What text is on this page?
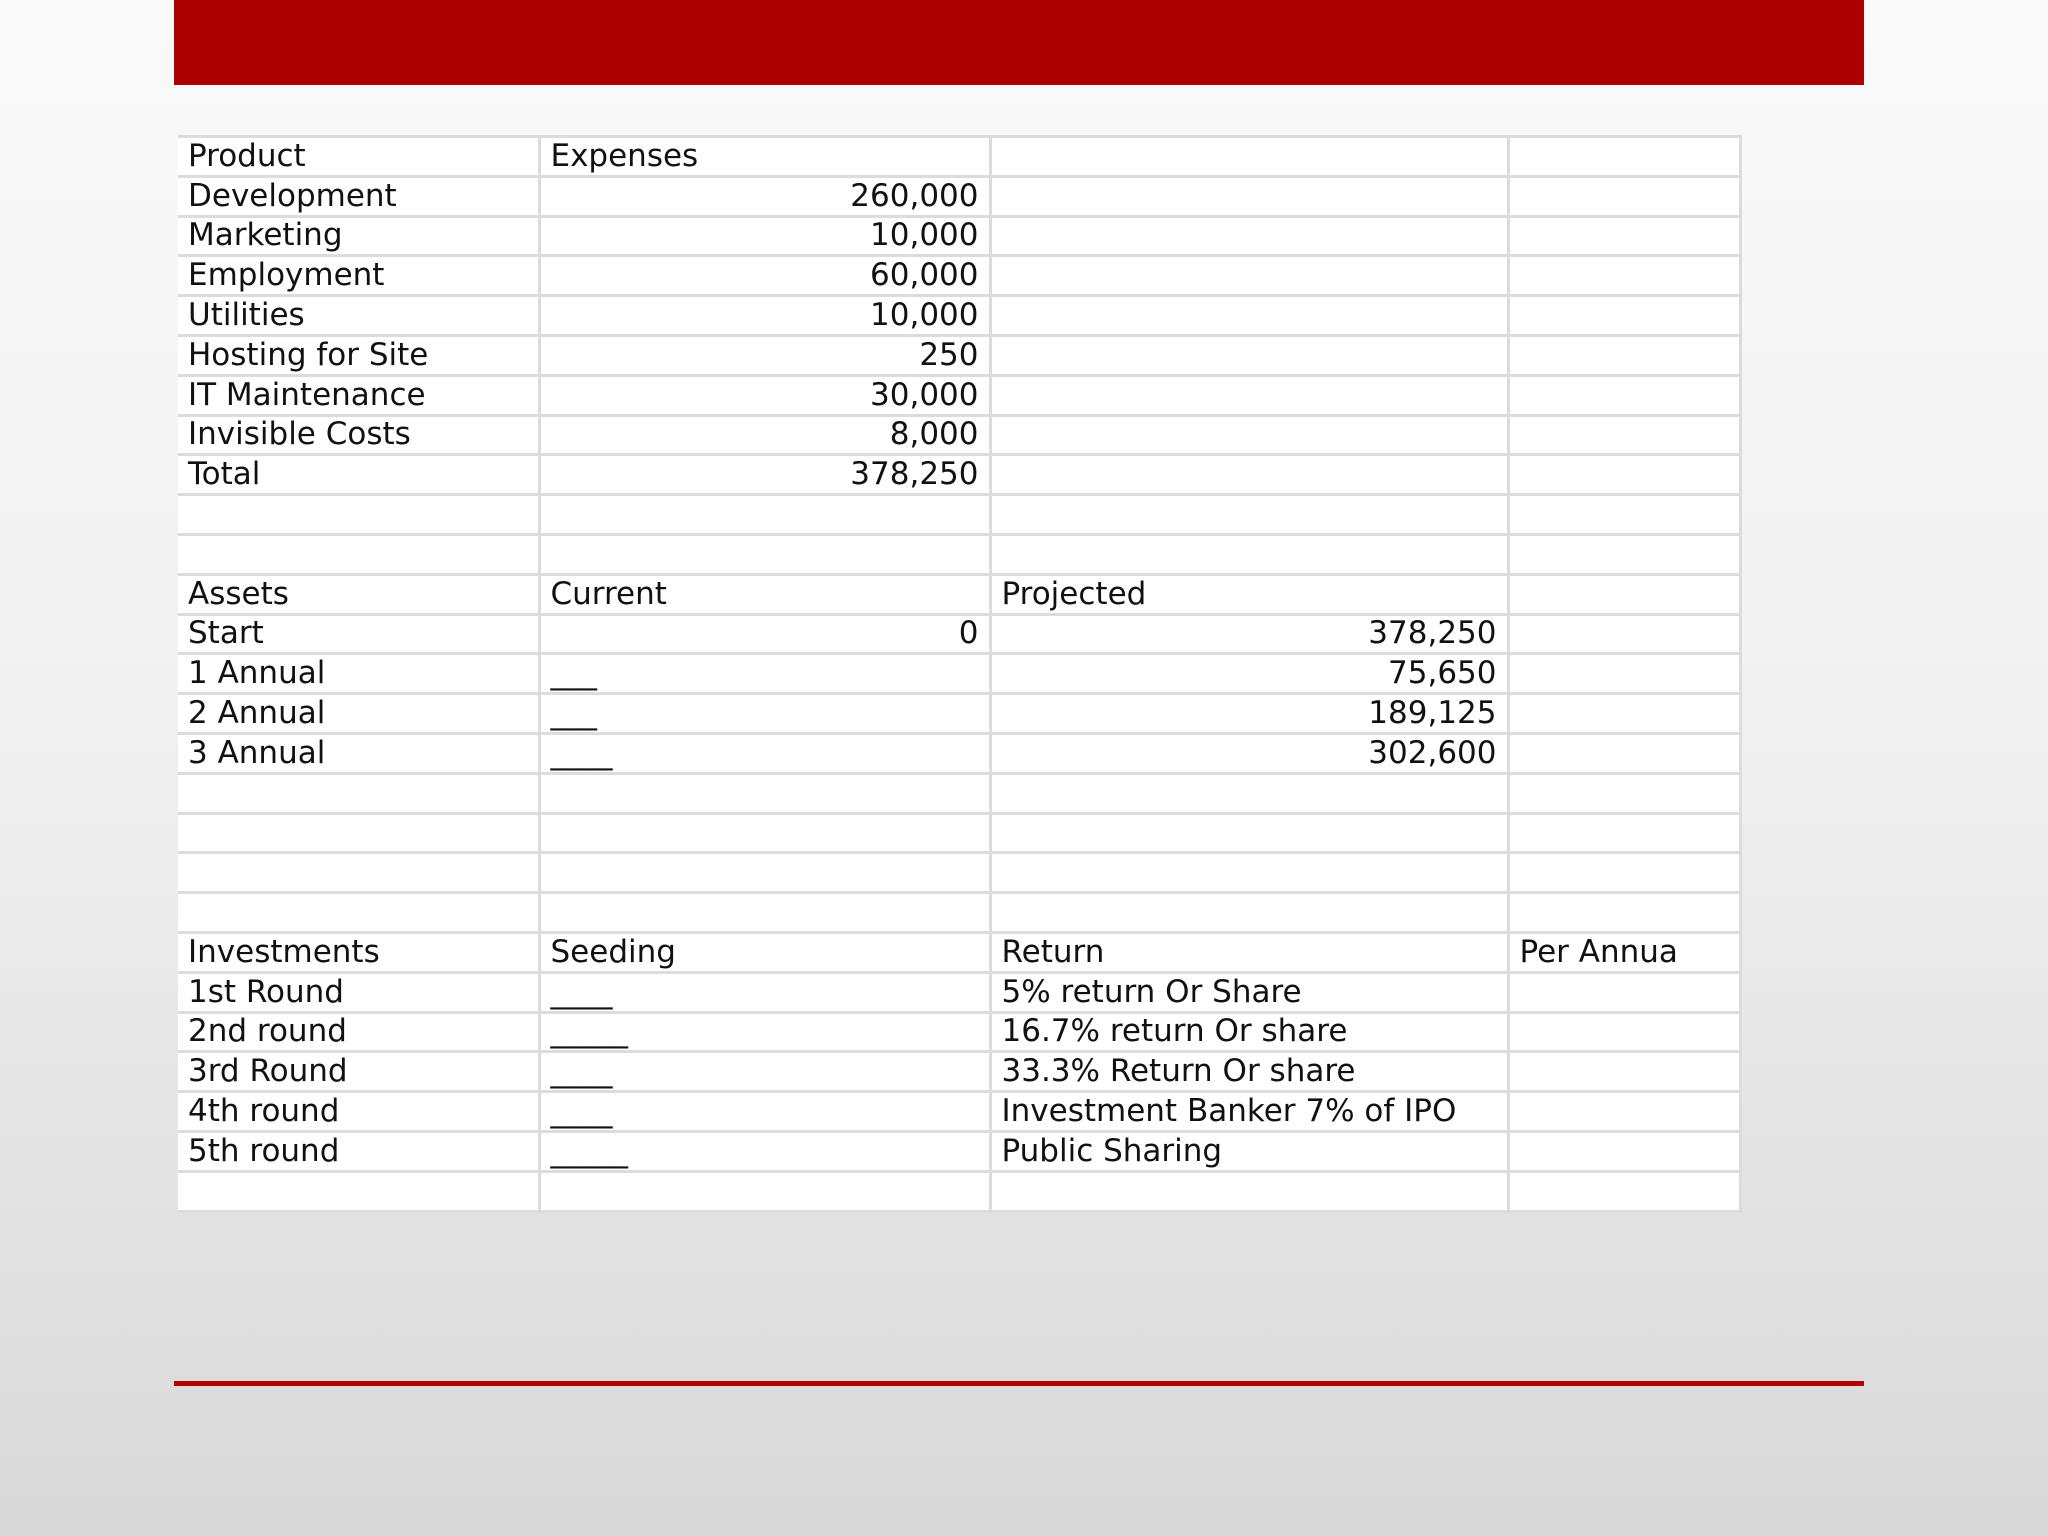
Product	Expenses		
Development	260,000		
Marketing	10,000		
Employment	60,000		
Utilities	10,000		
Hosting for Site	250		
IT Maintenance	30,000		
Invisible Costs	8,000		
Total	378,250		

Assets	Current	Projected	
Start	0	378,250	
1 Annual	___	75,650	
2 Annual	___	189,125	
3 Annual	____	302,600	

Investments	Seeding	Return	Per Annua
1st Round	____	5% return Or Share	
2nd round	_____	16.7% return Or share	
3rd Round	____	33.3% Return Or share	
4th round	____	Investment Banker 7% of IPO	
5th round	_____	Public Sharing	
